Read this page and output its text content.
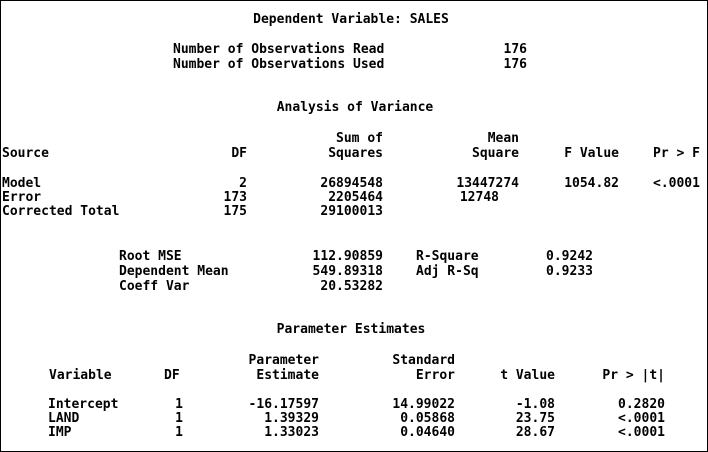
Dependent Variable: SALES
Number of Observations Read	176
Number of Observations Used	176
Analysis of Variance
Sum of	Mean
Source	DF	Squares	Square	F Value	Pr > F
Model	2	26894548	13447274	1054.82	<.0001
Error	173	2205464	12748
Corrected Total	175	29100013
Root MSE	112.90859	R-Square	0.9242
Dependent Mean	549.89318	Adj R-Sq	0.9233
Coeff Var	20.53282
Parameter Estimates
Parameter	Standard
Variable	DF	Estimate	Error	t Value	Pr > |t|
Intercept	1	-16.17597	14.99022	-1.08	0.2820
LAND	1	1.39329	0.05868	23.75	<.0001
IMP	1	1.33023	0.04640	28.67	<.0001
